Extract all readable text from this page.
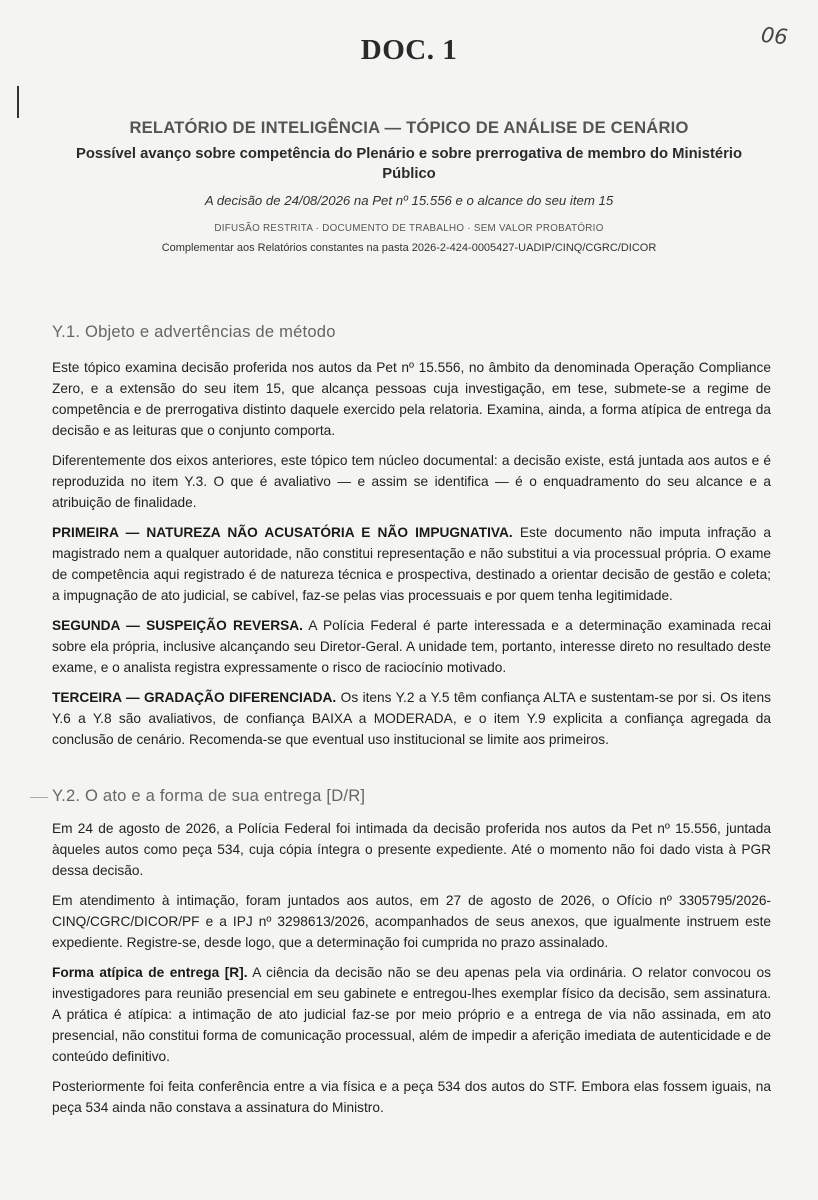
DOC. 1	06
RELATÓRIO DE INTELIGÊNCIA — TÓPICO DE ANÁLISE DE CENÁRIO
Possível avanço sobre competência do Plenário e sobre prerrogativa de membro do Ministério Público
A decisão de 24/08/2026 na Pet nº 15.556 e o alcance do seu item 15
DIFUSÃO RESTRITA · DOCUMENTO DE TRABALHO · SEM VALOR PROBATÓRIO
Complementar aos Relatórios constantes na pasta 2026-2-424-0005427-UADIP/CINQ/CGRC/DICOR
Y.1. Objeto e advertências de método

Este tópico examina decisão proferida nos autos da Pet nº 15.556, no âmbito da denominada Operação Compliance Zero, e a extensão do seu item 15, que alcança pessoas cuja investigação, em tese, submete-se a regime de competência e de prerrogativa distinto daquele exercido pela relatoria. Examina, ainda, a forma atípica de entrega da decisão e as leituras que o conjunto comporta.

Diferentemente dos eixos anteriores, este tópico tem núcleo documental: a decisão existe, está juntada aos autos e é reproduzida no item Y.3. O que é avaliativo — e assim se identifica — é o enquadramento do seu alcance e a atribuição de finalidade.

PRIMEIRA — NATUREZA NÃO ACUSATÓRIA E NÃO IMPUGNATIVA. Este documento não imputa infração a magistrado nem a qualquer autoridade, não constitui representação e não substitui a via processual própria. O exame de competência aqui registrado é de natureza técnica e prospectiva, destinado a orientar decisão de gestão e coleta; a impugnação de ato judicial, se cabível, faz-se pelas vias processuais e por quem tenha legitimidade.

SEGUNDA — SUSPEIÇÃO REVERSA. A Polícia Federal é parte interessada e a determinação examinada recai sobre ela própria, inclusive alcançando seu Diretor-Geral. A unidade tem, portanto, interesse direto no resultado deste exame, e o analista registra expressamente o risco de raciocínio motivado.

TERCEIRA — GRADAÇÃO DIFERENCIADA. Os itens Y.2 a Y.5 têm confiança ALTA e sustentam-se por si. Os itens Y.6 a Y.8 são avaliativos, de confiança BAIXA a MODERADA, e o item Y.9 explicita a confiança agregada da conclusão de cenário. Recomenda-se que eventual uso institucional se limite aos primeiros.

Y.2. O ato e a forma de sua entrega [D/R]

Em 24 de agosto de 2026, a Polícia Federal foi intimada da decisão proferida nos autos da Pet nº 15.556, juntada àqueles autos como peça 534, cuja cópia íntegra o presente expediente. Até o momento não foi dado vista à PGR dessa decisão.

Em atendimento à intimação, foram juntados aos autos, em 27 de agosto de 2026, o Ofício nº 3305795/2026-CINQ/CGRC/DICOR/PF e a IPJ nº 3298613/2026, acompanhados de seus anexos, que igualmente instruem este expediente. Registre-se, desde logo, que a determinação foi cumprida no prazo assinalado.

Forma atípica de entrega [R]. A ciência da decisão não se deu apenas pela via ordinária. O relator convocou os investigadores para reunião presencial em seu gabinete e entregou-lhes exemplar físico da decisão, sem assinatura. A prática é atípica: a intimação de ato judicial faz-se por meio próprio e a entrega de via não assinada, em ato presencial, não constitui forma de comunicação processual, além de impedir a aferição imediata de autenticidade e de conteúdo definitivo.

Posteriormente foi feita conferência entre a via física e a peça 534 dos autos do STF. Embora elas fossem iguais, na peça 534 ainda não constava a assinatura do Ministro.
